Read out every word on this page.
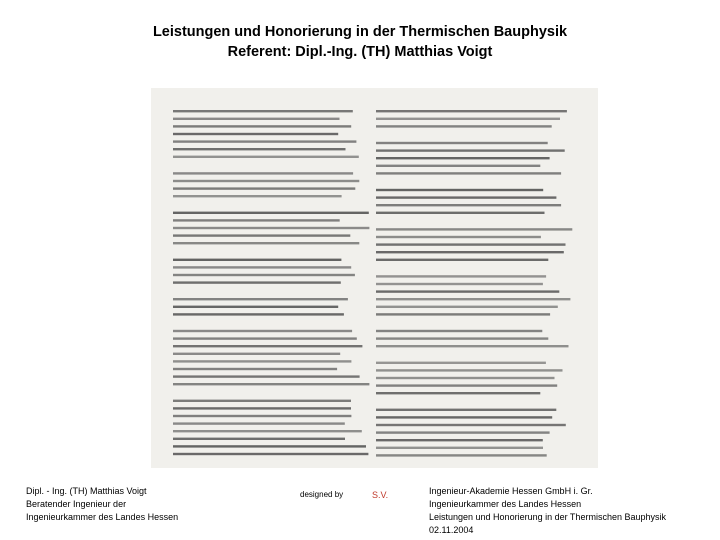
Leistungen und Honorierung in der Thermischen Bauphysik
Referent: Dipl.-Ing. (TH) Matthias Voigt
Dipl. - Ing. (TH) Matthias Voigt
Beratender Ingenieur der
Ingenieurkammer des Landes Hessen
designed by	S.V.	Ingenieur-Akademie Hessen GmbH i. Gr.
Ingenieurkammer des Landes Hessen
Leistungen und Honorierung in der Thermischen Bauphysik
02.11.2004
